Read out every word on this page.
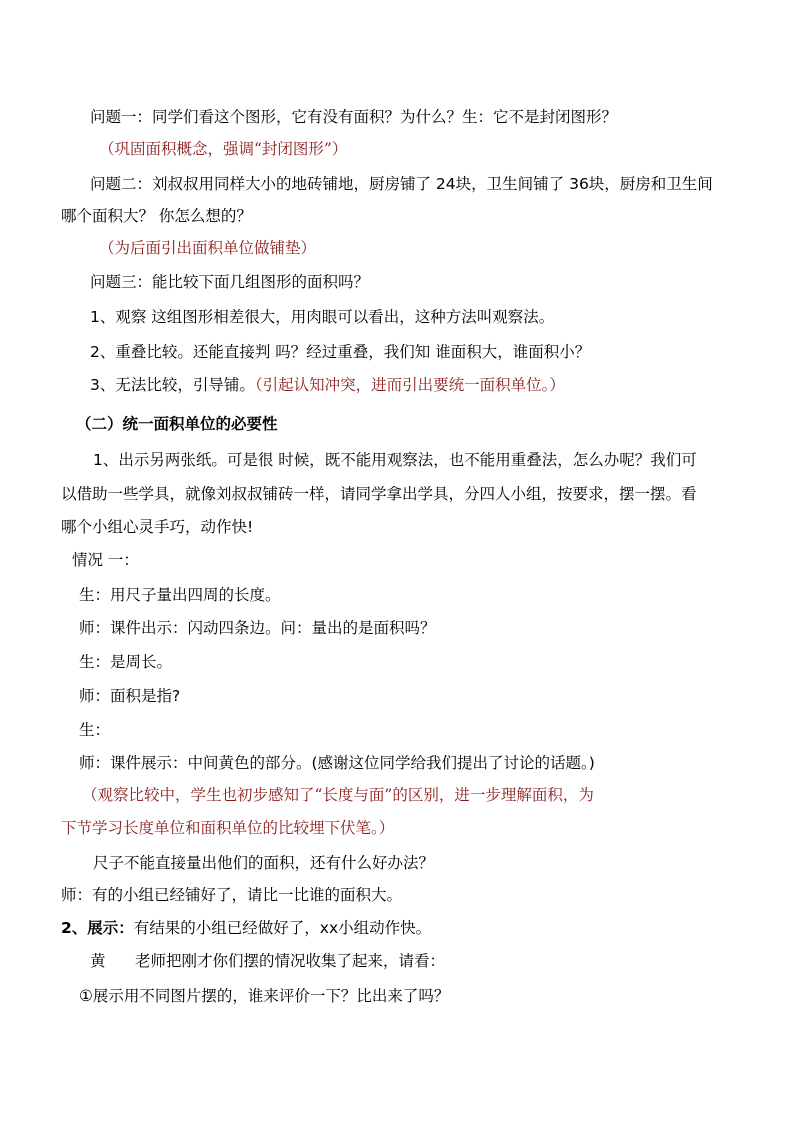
问题一：同学们看这个图形，它有没有面积？为什么？生：它不是封闭图形？
（巩固面积概念，强调“封闭图形”）
问题二：刘叔叔用同样大小的地砖铺地，厨房铺了 24块，卫生间铺了 36块，厨房和卫生间
哪个面积大？ 你怎么想的？
（为后面引出面积单位做铺垫）
问题三：能比较下面几组图形的面积吗？
1、观察 这组图形相差很大，用肉眼可以看出，这种方法叫观察法。
2、重叠比较。还能直接判 吗？经过重叠，我们知 谁面积大，谁面积小？
3、无法比较，引导铺。（引起认知冲突，进而引出要统一面积单位。）
（二）统一面积单位的必要性
1、出示另两张纸。可是很 时候，既不能用观察法，也不能用重叠法，怎么办呢？我们可
以借助一些学具，就像刘叔叔铺砖一样，请同学拿出学具，分四人小组，按要求，摆一摆。看
哪个小组心灵手巧，动作快!
情况 一：
生：用尺子量出四周的长度。
师：课件出示：闪动四条边。问：量出的是面积吗？
生：是周长。
师：面积是指?
生：
师：课件展示：中间黄色的部分。(感谢这位同学给我们提出了讨论的话题。)
（观察比较中，学生也初步感知了“长度与面”的区别，进一步理解面积，为
下节学习长度单位和面积单位的比较埋下伏笔。）
尺子不能直接量出他们的面积，还有什么好办法？
师：有的小组已经铺好了，请比一比谁的面积大。
2、展示：有结果的小组已经做好了，xx小组动作快。
黄 老师把刚才你们摆的情况收集了起来，请看：
①展示用不同图片摆的，谁来评价一下？比出来了吗？
